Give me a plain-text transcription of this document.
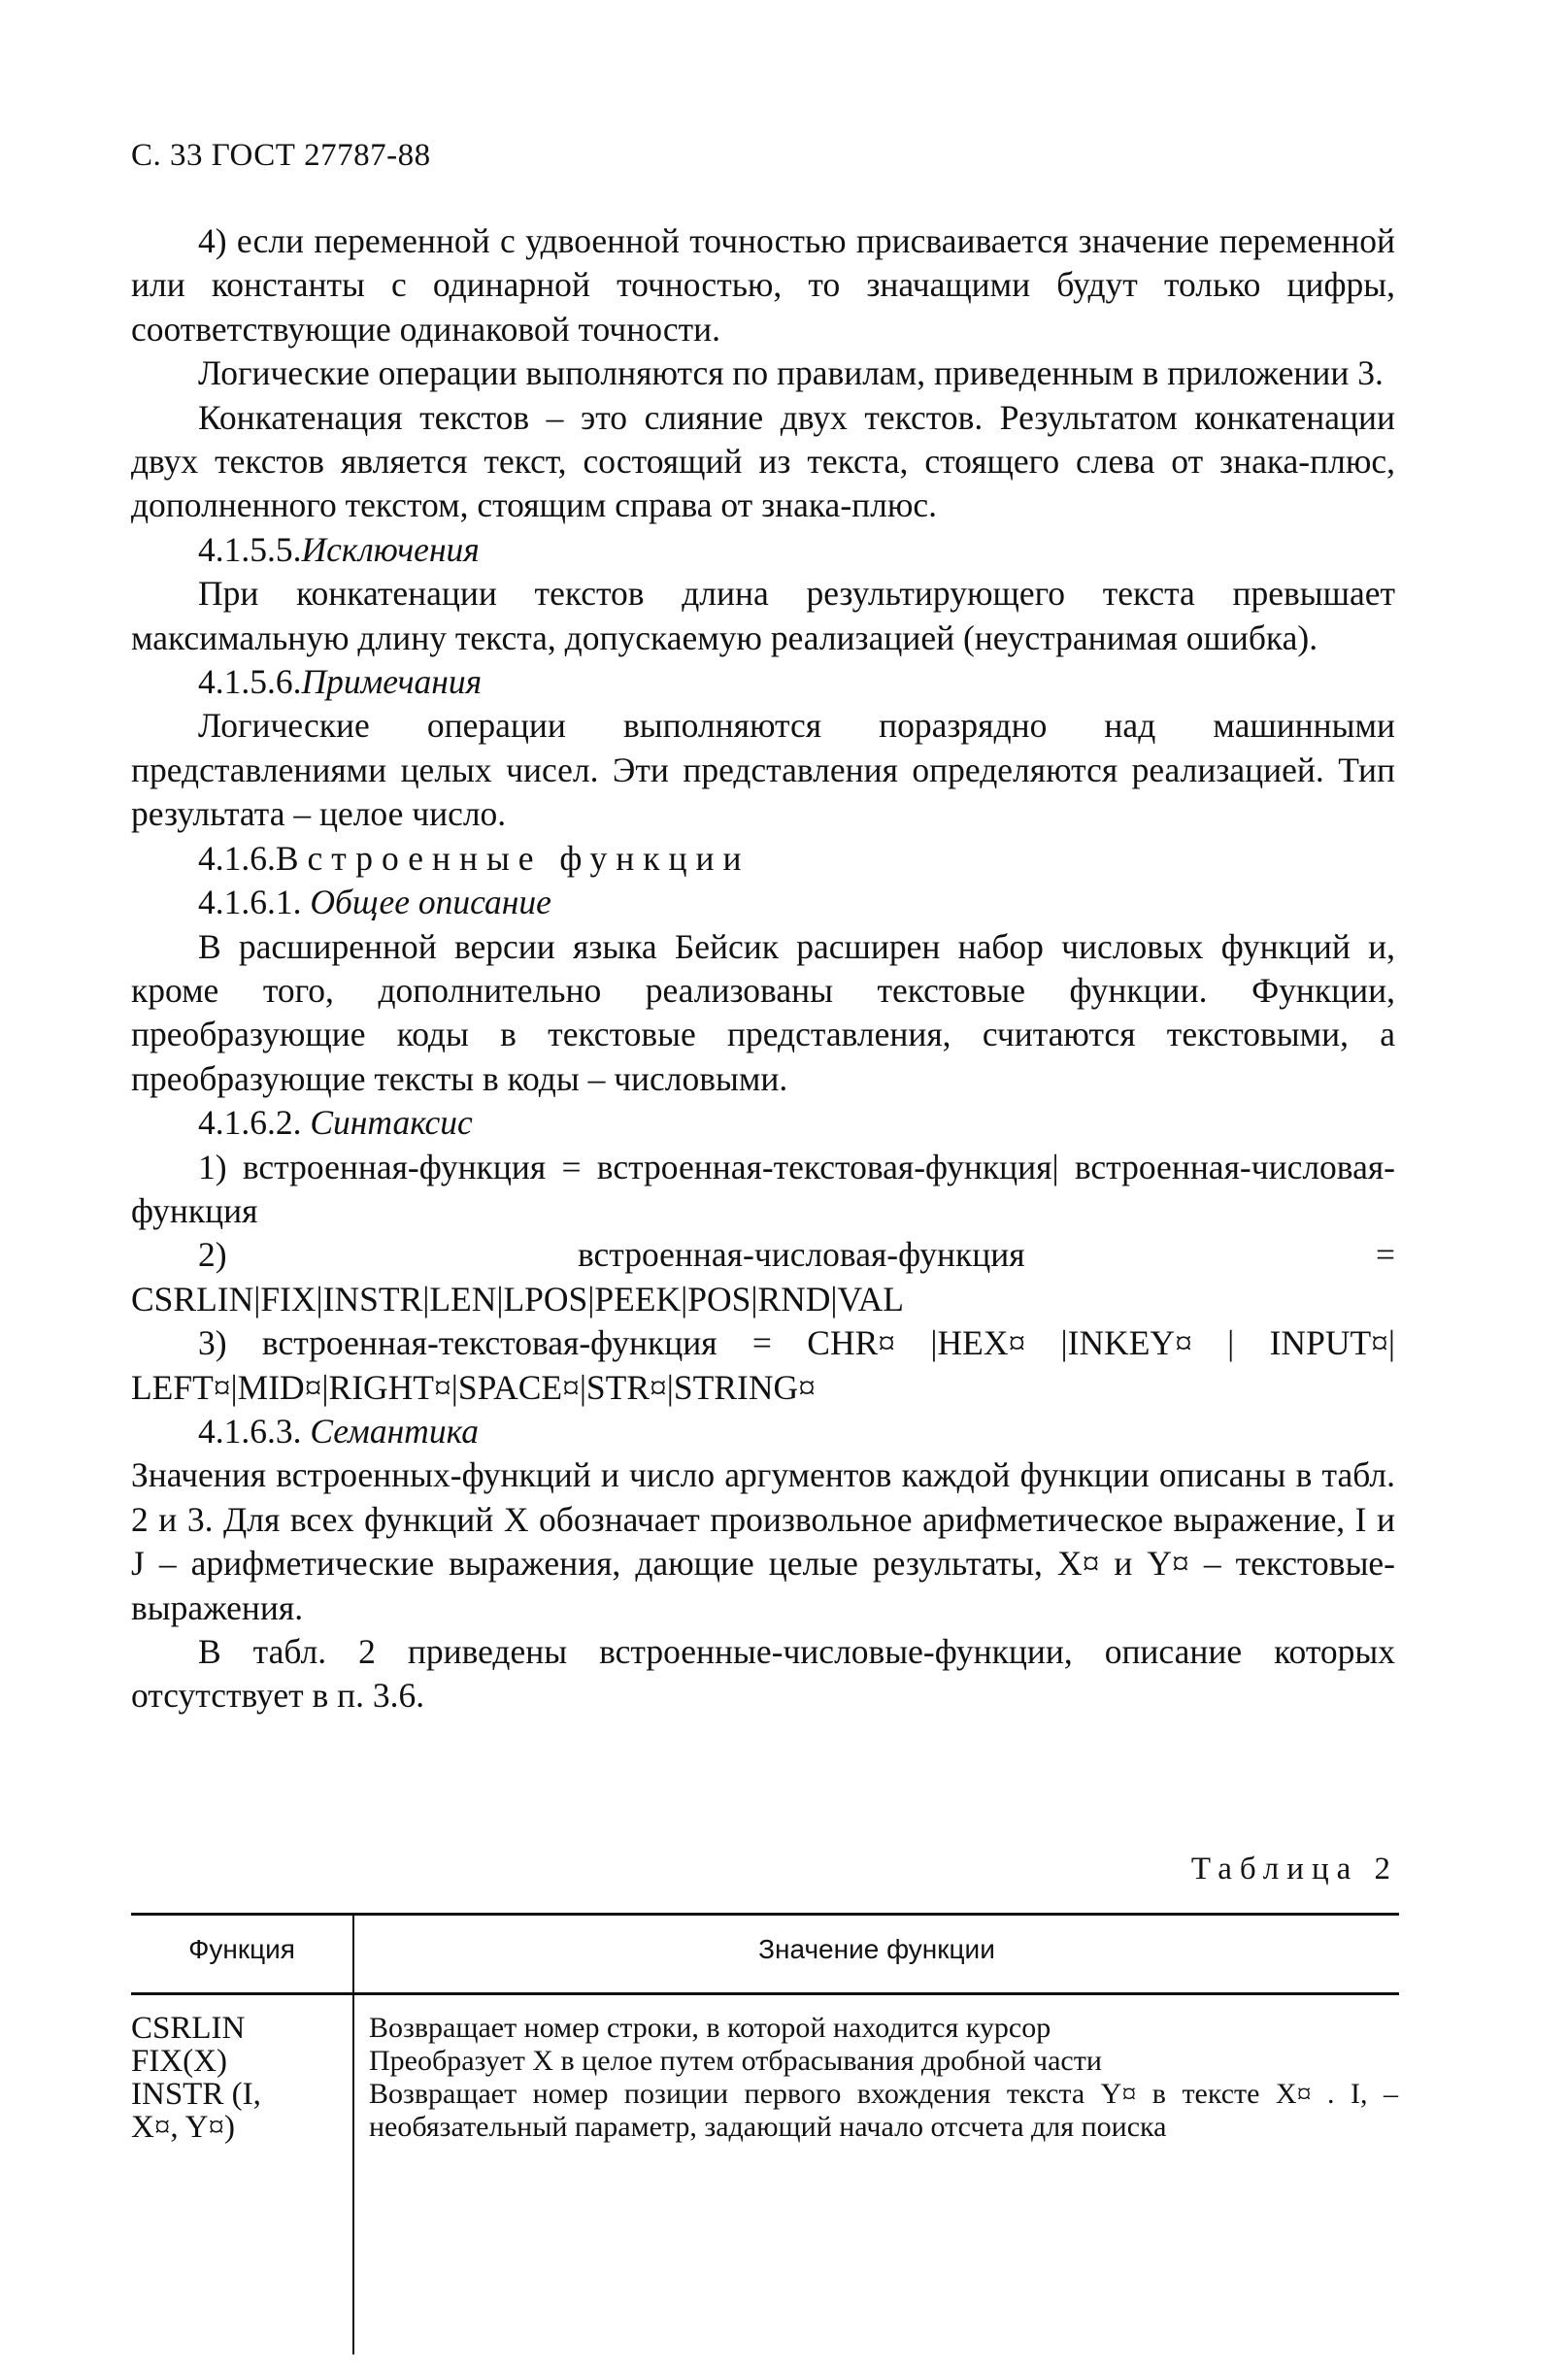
С. 33 ГОСТ 27787-88

4) если переменной с удвоенной точностью присваивается значение переменной или константы с одинарной точностью, то значащими будут только цифры, соответствующие одинаковой точности.

Логические операции выполняются по правилам, приведенным в приложении 3.

Конкатенация текстов – это слияние двух текстов. Результатом конкатенации двух текстов является текст, состоящий из текста, стоящего слева от знака-плюс, дополненного текстом, стоящим справа от знака-плюс.

4.1.5.5.Исключения

При конкатенации текстов длина результирующего текста превышает максимальную длину текста, допускаемую реализацией (неустранимая ошибка).

4.1.5.6.Примечания

Логические операции выполняются поразрядно над машинными представлениями целых чисел. Эти представления определяются реализацией. Тип результата – целое число.

4.1.6.Встроенные функции

4.1.6.1. Общее описание

В расширенной версии языка Бейсик расширен набор числовых функций и, кроме того, дополнительно реализованы текстовые функции. Функции, преобразующие коды в текстовые представления, считаются текстовыми, а преобразующие тексты в коды – числовыми.

4.1.6.2. Синтаксис

1) встроенная-функция = встроенная-текстовая-функция| встроенная-числовая-функция

2) встроенная-числовая-функция = CSRLIN|FIX|INSTR|LEN|LPOS|PEEK|POS|RND|VAL

3) встроенная-текстовая-функция = CHR¤ |HEX¤ |INKEY¤ | INPUT¤| LEFT¤|MID¤|RIGHT¤|SPACE¤|STR¤|STRING¤

4.1.6.3. Семантика

Значения встроенных-функций и число аргументов каждой функции описаны в табл. 2 и 3. Для всех функций X обозначает произвольное арифметическое выражение, I и J – арифметические выражения, дающие целые результаты, X¤ и Y¤ – текстовые-выражения.

В табл. 2 приведены встроенные-числовые-функции, описание которых отсутствует в п. 3.6.

Таблица 2
Функция	Значение функции
CSRLIN
FIX(X)
INSTR (I, X¤, Y¤)
Возвращает номер строки, в которой находится курсор
Преобразует X в целое путем отбрасывания дробной части
Возвращает номер позиции первого вхождения текста Y¤ в тексте X¤ . I, – необязательный параметр, задающий начало отсчета для поиска
